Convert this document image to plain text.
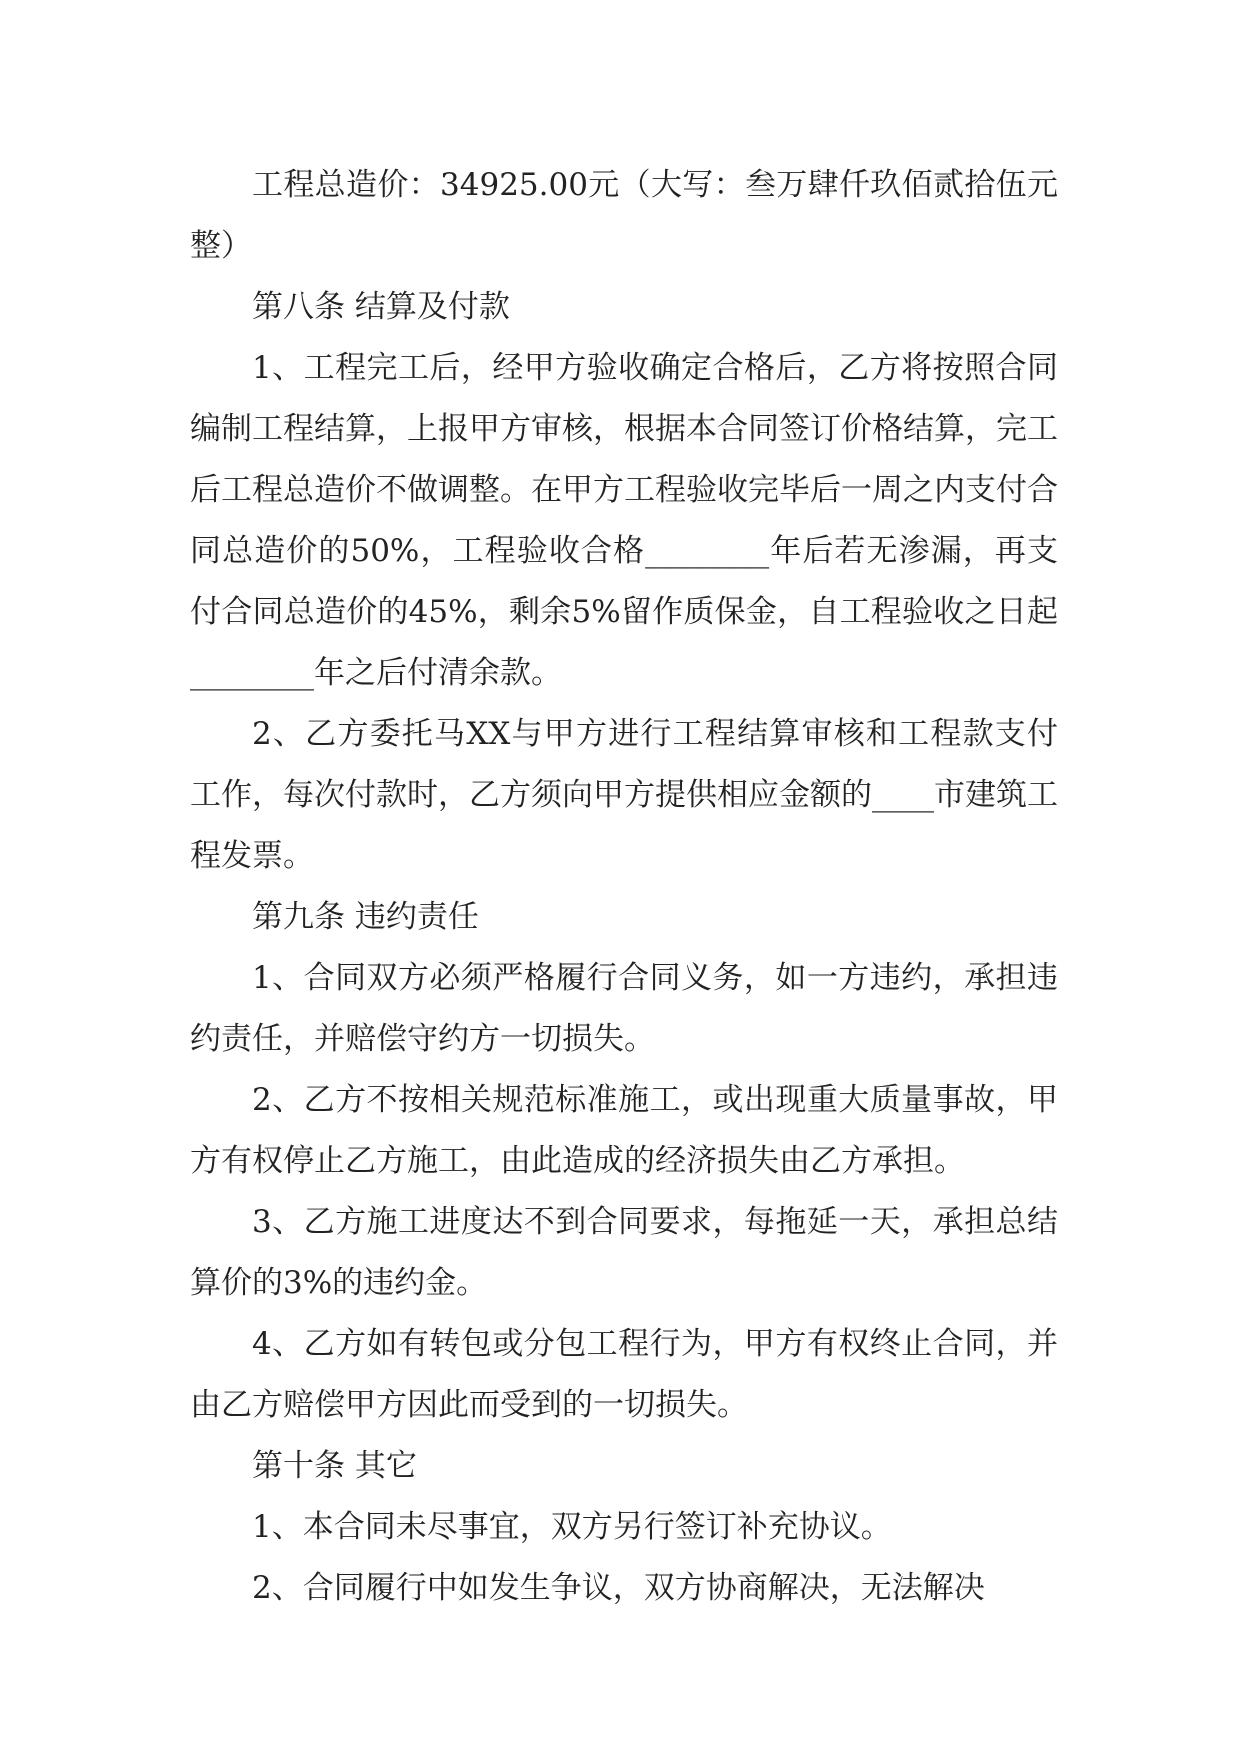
工程总造价：34925.00元（大写：叁万肆仟玖佰贰拾伍元整）

第八条 结算及付款

1、工程完工后，经甲方验收确定合格后，乙方将按照合同编制工程结算，上报甲方审核，根据本合同签订价格结算，完工后工程总造价不做调整。在甲方工程验收完毕后一周之内支付合同总造价的50%，工程验收合格________年后若无渗漏，再支付合同总造价的45%，剩余5%留作质保金，自工程验收之日起________年之后付清余款。

2、乙方委托马XX与甲方进行工程结算审核和工程款支付工作，每次付款时，乙方须向甲方提供相应金额的____市建筑工程发票。

第九条 违约责任

1、合同双方必须严格履行合同义务，如一方违约，承担违约责任，并赔偿守约方一切损失。

2、乙方不按相关规范标准施工，或出现重大质量事故，甲方有权停止乙方施工，由此造成的经济损失由乙方承担。

3、乙方施工进度达不到合同要求，每拖延一天，承担总结算价的3%的违约金。

4、乙方如有转包或分包工程行为，甲方有权终止合同，并由乙方赔偿甲方因此而受到的一切损失。

第十条 其它

1、本合同未尽事宜，双方另行签订补充协议。

2、合同履行中如发生争议，双方协商解决，无法解决
